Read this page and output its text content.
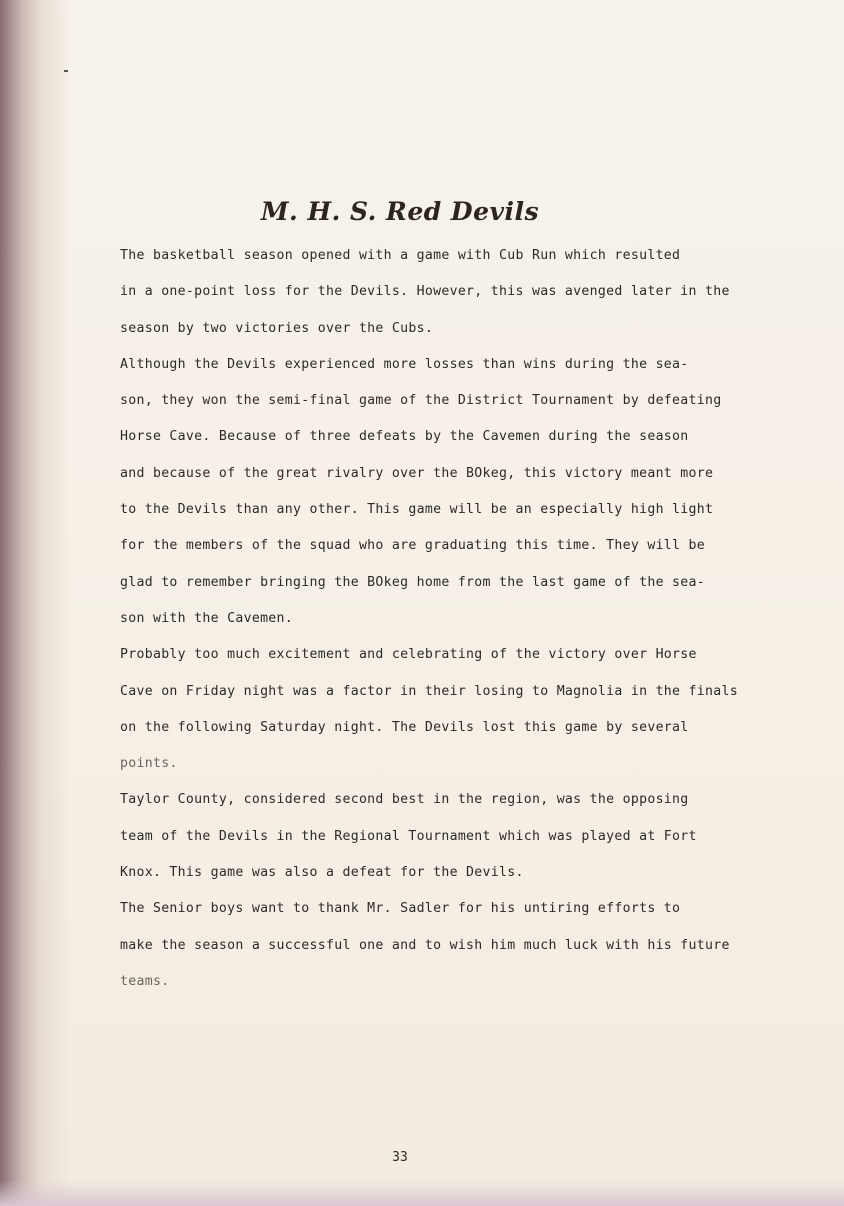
M. H. S. Red Devils
The basketball season opened with a game with Cub Run which resulted
in a one-point loss for the Devils. However, this was avenged later in the
season by two victories over the Cubs.
Although the Devils experienced more losses than wins during the sea-
son, they won the semi-final game of the District Tournament by defeating
Horse Cave. Because of three defeats by the Cavemen during the season
and because of the great rivalry over the BOkeg, this victory meant more
to the Devils than any other. This game will be an especially high light
for the members of the squad who are graduating this time. They will be
glad to remember bringing the BOkeg home from the last game of the sea-
son with the Cavemen.
Probably too much excitement and celebrating of the victory over Horse
Cave on Friday night was a factor in their losing to Magnolia in the finals
on the following Saturday night. The Devils lost this game by several
points.
Taylor County, considered second best in the region, was the opposing
team of the Devils in the Regional Tournament which was played at Fort
Knox. This game was also a defeat for the Devils.
The Senior boys want to thank Mr. Sadler for his untiring efforts to
make the season a successful one and to wish him much luck with his future
teams.
33
